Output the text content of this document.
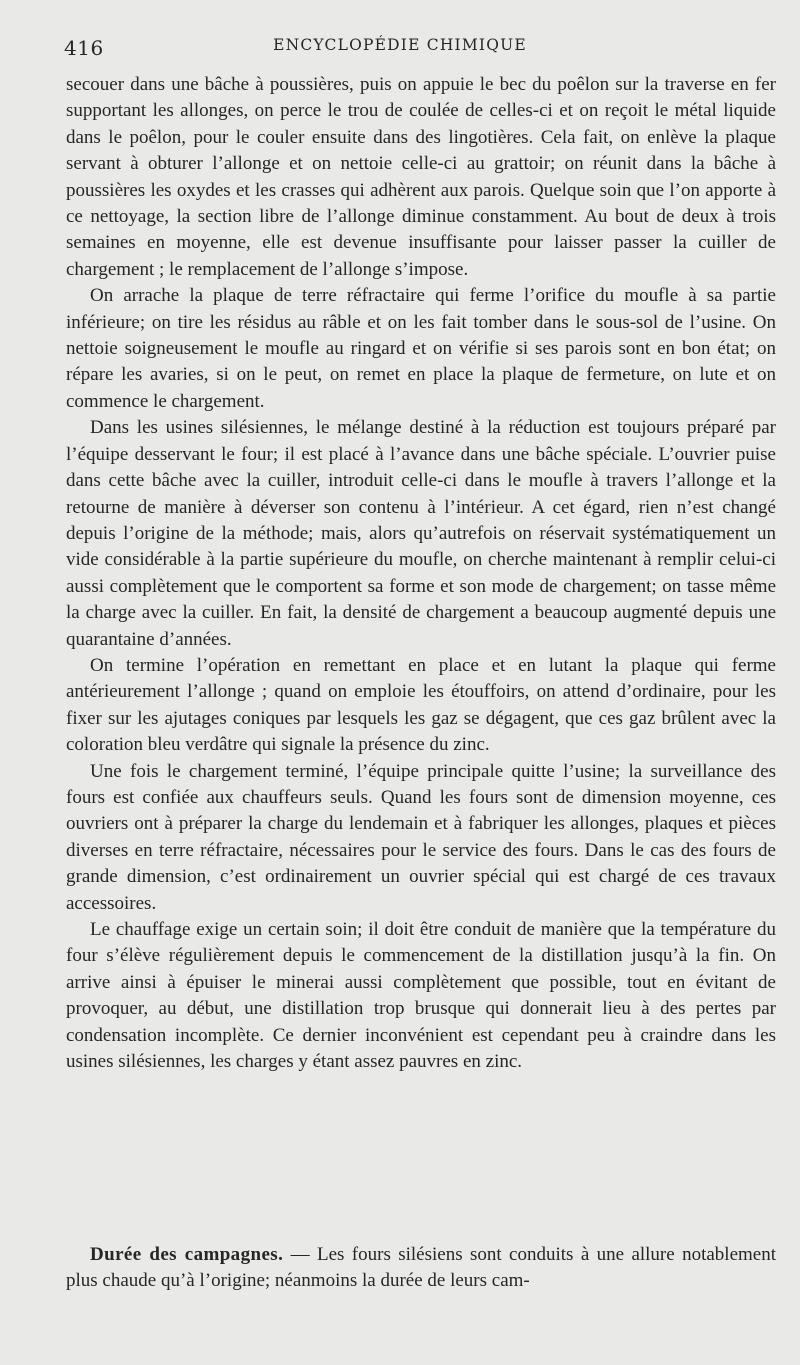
416	ENCYCLOPÉDIE CHIMIQUE

secouer dans une bâche à poussières, puis on appuie le bec du poêlon sur la traverse en fer supportant les allonges, on perce le trou de coulée de celles-ci et on reçoit le métal liquide dans le poêlon, pour le couler ensuite dans des lingotières. Cela fait, on enlève la plaque servant à obturer l’allonge et on nettoie celle-ci au grattoir; on réunit dans la bâche à poussières les oxydes et les crasses qui adhèrent aux parois. Quelque soin que l’on apporte à ce nettoyage, la section libre de l’allonge diminue constamment. Au bout de deux à trois semaines en moyenne, elle est devenue insuffisante pour laisser passer la cuiller de chargement ; le remplacement de l’allonge s’impose.

On arrache la plaque de terre réfractaire qui ferme l’orifice du moufle à sa partie inférieure; on tire les résidus au râble et on les fait tomber dans le sous-sol de l’usine. On nettoie soigneusement le moufle au ringard et on vérifie si ses parois sont en bon état; on répare les avaries, si on le peut, on remet en place la plaque de fermeture, on lute et on commence le chargement.

Dans les usines silésiennes, le mélange destiné à la réduction est toujours préparé par l’équipe desservant le four; il est placé à l’avance dans une bâche spéciale. L’ouvrier puise dans cette bâche avec la cuiller, introduit celle-ci dans le moufle à travers l’allonge et la retourne de manière à déverser son contenu à l’intérieur. A cet égard, rien n’est changé depuis l’origine de la méthode; mais, alors qu’autrefois on réservait systématiquement un vide considérable à la partie supérieure du moufle, on cherche maintenant à remplir celui-ci aussi complètement que le comportent sa forme et son mode de chargement; on tasse même la charge avec la cuiller. En fait, la densité de chargement a beaucoup augmenté depuis une quarantaine d’années.

On termine l’opération en remettant en place et en lutant la plaque qui ferme antérieurement l’allonge ; quand on emploie les étouffoirs, on attend d’ordinaire, pour les fixer sur les ajutages coniques par lesquels les gaz se dégagent, que ces gaz brûlent avec la coloration bleu verdâtre qui signale la présence du zinc.

Une fois le chargement terminé, l’équipe principale quitte l’usine; la surveillance des fours est confiée aux chauffeurs seuls. Quand les fours sont de dimension moyenne, ces ouvriers ont à préparer la charge du lendemain et à fabriquer les allonges, plaques et pièces diverses en terre réfractaire, nécessaires pour le service des fours. Dans le cas des fours de grande dimension, c’est ordinairement un ouvrier spécial qui est chargé de ces travaux accessoires.

Le chauffage exige un certain soin; il doit être conduit de manière que la température du four s’élève régulièrement depuis le commencement de la distillation jusqu’à la fin. On arrive ainsi à épuiser le minerai aussi complètement que possible, tout en évitant de provoquer, au début, une distillation trop brusque qui donnerait lieu à des pertes par condensation incomplète. Ce dernier inconvénient est cependant peu à craindre dans les usines silésiennes, les charges y étant assez pauvres en zinc.

Durée des campagnes. — Les fours silésiens sont conduits à une allure notablement plus chaude qu’à l’origine; néanmoins la durée de leurs cam-
